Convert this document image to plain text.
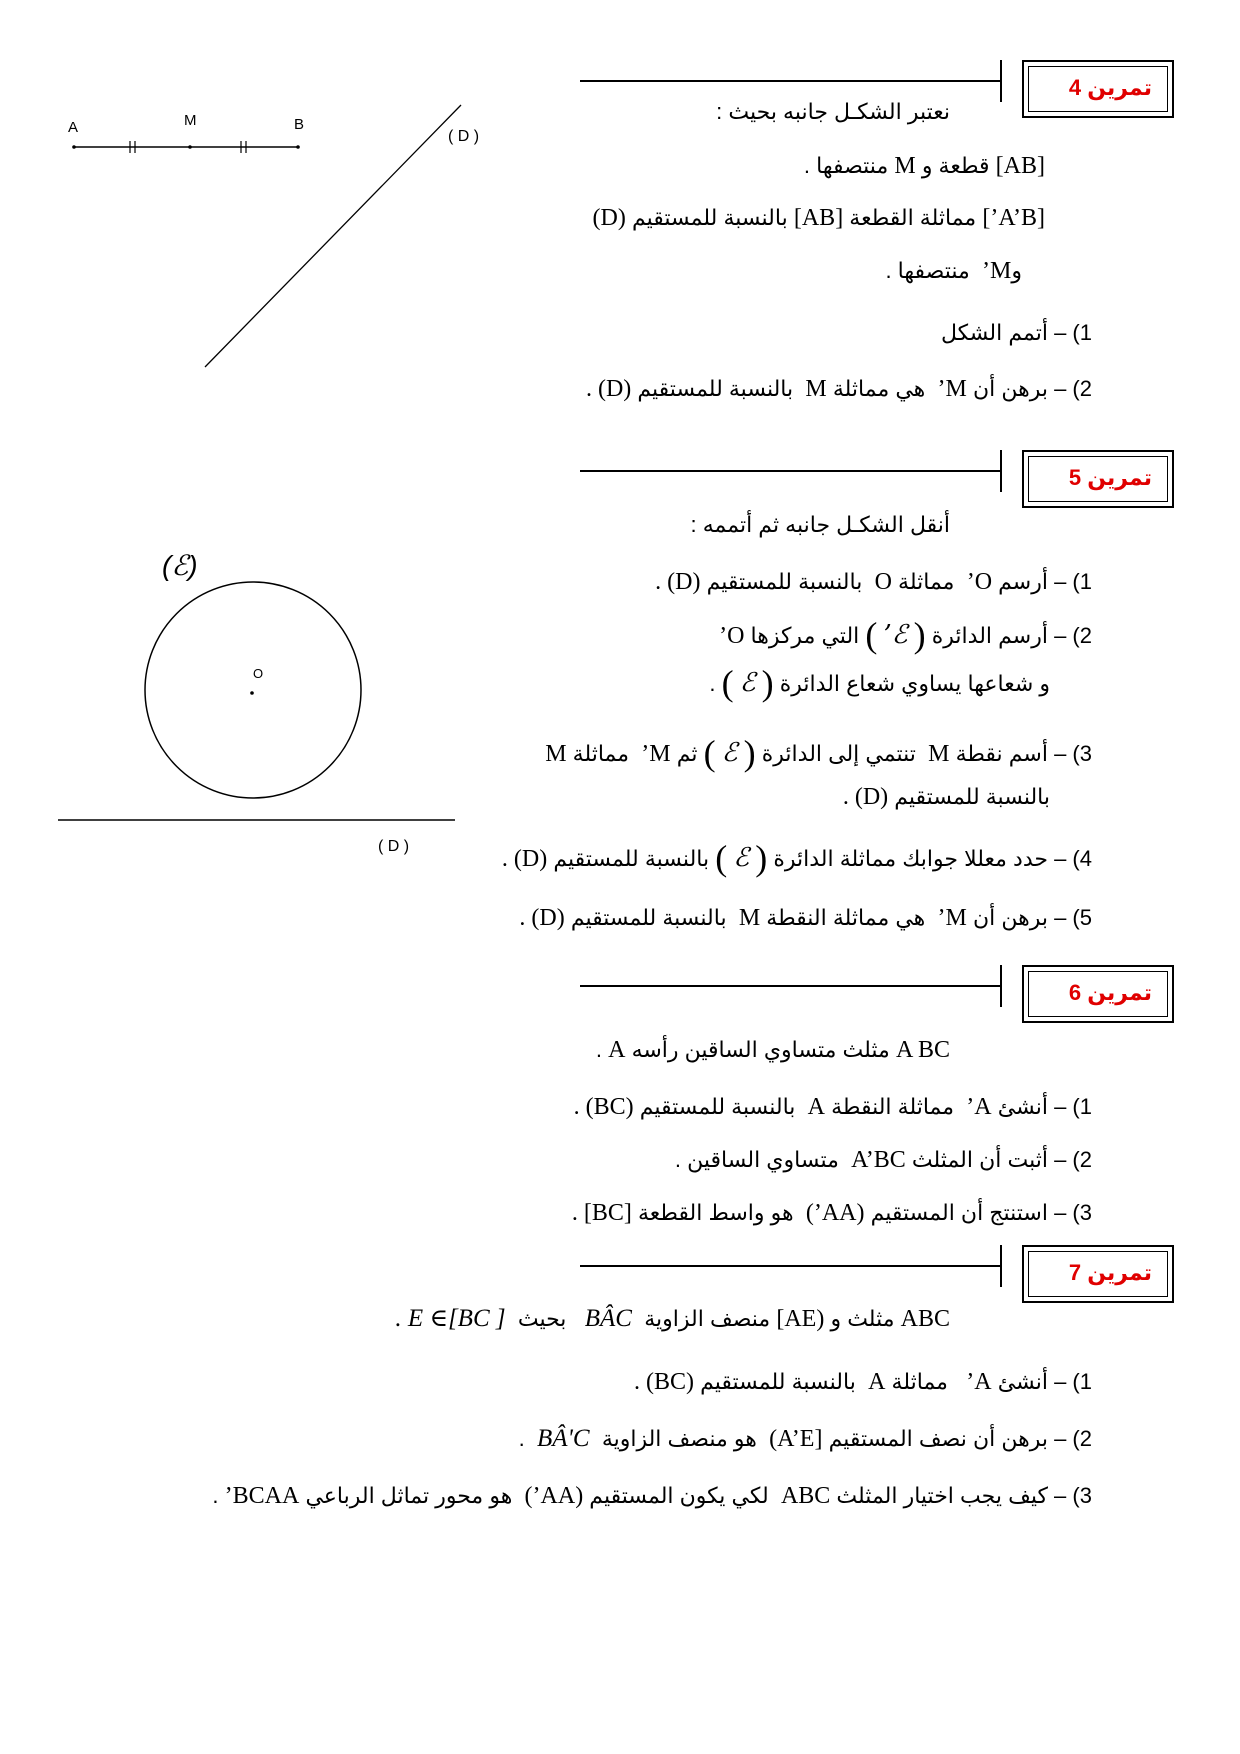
A	M	B
( D )
تمرين 4
نعتبر الشكـل جانبه بحيث :
[AB] قطعة و M منتصفها .
[A’B’] مماثلة القطعة [AB] بالنسبة للمستقيم (D)
وM’  منتصفها .
1) – أتمم الشكل
2) – برهن أن M’  هي مماثلة M  بالنسبة للمستقيم (D) .
(ℰ)
O
( D )
تمرين 5
أنقل الشكـل جانبه ثم أتممه :
1) – أرسم O’  مماثلة O  بالنسبة للمستقيم (D) .
2) – أرسم الدائرة ( ℰ’ ) التي مركزها O’
و شعاعها يساوي شعاع الدائرة ( ℰ ) .
3) – أسم نقطة M  تنتمي إلى الدائرة ( ℰ ) ثم M’  مماثلة M
بالنسبة للمستقيم (D) .
4) – حدد معللا جوابك مماثلة الدائرة ( ℰ ) بالنسبة للمستقيم (D) .
5) – برهن أن M’  هي مماثلة النقطة M  بالنسبة للمستقيم (D) .
تمرين 6
A BC مثلث متساوي الساقين رأسه A .
1) – أنشئ A’  مماثلة النقطة A  بالنسبة للمستقيم (BC) .
2) – أثبت أن المثلث A’BC  متساوي الساقين .
3) – استنتج أن المستقيم (AA’)  هو واسط القطعة [BC] .
تمرين 7
ABC مثلث و (AE] منصف الزاوية  BÂC   بحيث  E ∈[BC ] .
1) – أنشئ A’   مماثلة A  بالنسبة للمستقيم (BC) .
2) – برهن أن نصف المستقيم [A’E)  هو منصف الزاوية  BÂ'C  .
3) – كيف يجب اختيار المثلث ABC  لكي يكون المستقيم (AA’)  هو محور تماثل الرباعي BCAA’ .
